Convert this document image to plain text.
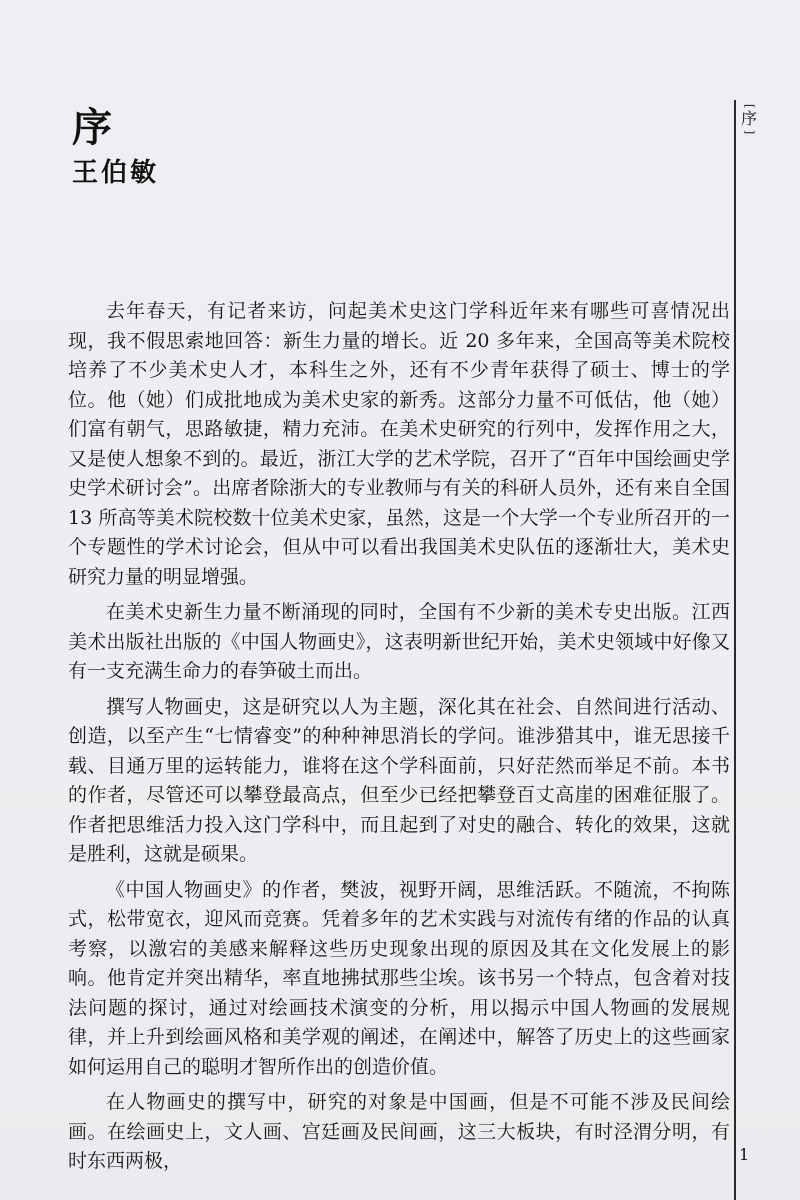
序
王伯敏
[
序
]

去年春天，有记者来访，问起美术史这门学科近年来有哪些可喜情况出现，我不假思索地回答：新生力量的增长。近 20 多年来，全国高等美术院校培养了不少美术史人才，本科生之外，还有不少青年获得了硕士、博士的学位。他（她）们成批地成为美术史家的新秀。这部分力量不可低估，他（她）们富有朝气，思路敏捷，精力充沛。在美术史研究的行列中，发挥作用之大，又是使人想象不到的。最近，浙江大学的艺术学院，召开了“百年中国绘画史学史学术研讨会”。出席者除浙大的专业教师与有关的科研人员外，还有来自全国 13 所高等美术院校数十位美术史家，虽然，这是一个大学一个专业所召开的一个专题性的学术讨论会，但从中可以看出我国美术史队伍的逐渐壮大，美术史研究力量的明显增强。

在美术史新生力量不断涌现的同时，全国有不少新的美术专史出版。江西美术出版社出版的《中国人物画史》，这表明新世纪开始，美术史领域中好像又有一支充满生命力的春笋破土而出。

撰写人物画史，这是研究以人为主题，深化其在社会、自然间进行活动、创造，以至产生“七情睿变”的种种神思消长的学问。谁涉猎其中，谁无思接千载、目通万里的运转能力，谁将在这个学科面前，只好茫然而举足不前。本书的作者，尽管还可以攀登最高点，但至少已经把攀登百丈高崖的困难征服了。作者把思维活力投入这门学科中，而且起到了对史的融合、转化的效果，这就是胜利，这就是硕果。

《中国人物画史》的作者，樊波，视野开阔，思维活跃。不随流，不拘陈式，松带宽衣，迎风而竞赛。凭着多年的艺术实践与对流传有绪的作品的认真考察，以激宕的美感来解释这些历史现象出现的原因及其在文化发展上的影响。他肯定并突出精华，率直地拂拭那些尘埃。该书另一个特点，包含着对技法问题的探讨，通过对绘画技术演变的分析，用以揭示中国人物画的发展规律，并上升到绘画风格和美学观的阐述，在阐述中，解答了历史上的这些画家如何运用自己的聪明才智所作出的创造价值。

在人物画史的撰写中，研究的对象是中国画，但是不可能不涉及民间绘画。在绘画史上，文人画、宫廷画及民间画，这三大板块，有时泾渭分明，有时东西两极，	1
